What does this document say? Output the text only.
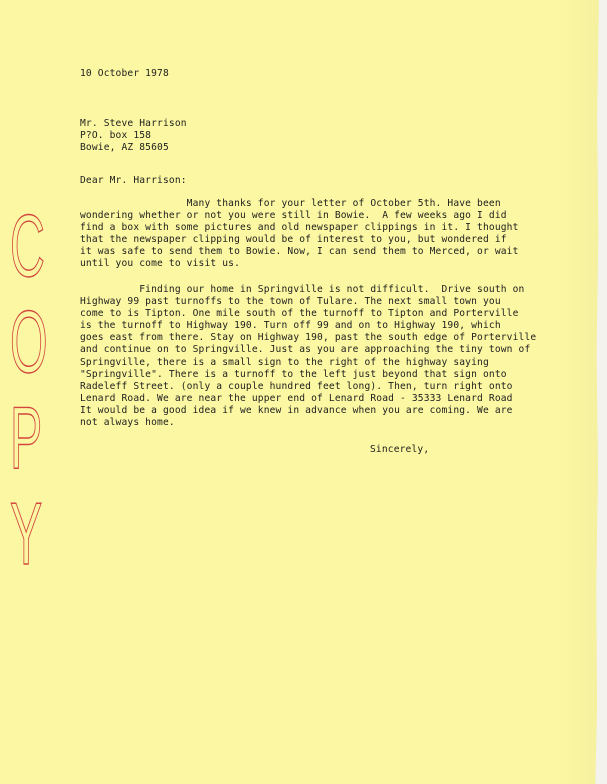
C
O
P
Y
10 October 1978
Mr. Steve Harrison
P?O. box 158
Bowie, AZ 85605
Dear Mr. Harrison:
Many thanks for your letter of October 5th. Have been
wondering whether or not you were still in Bowie.  A few weeks ago I did
find a box with some pictures and old newspaper clippings in it. I thought
that the newspaper clipping would be of interest to you, but wondered if
it was safe to send them to Bowie. Now, I can send them to Merced, or wait
until you come to visit us.
Finding our home in Springville is not difficult.  Drive south on
Highway 99 past turnoffs to the town of Tulare. The next small town you
come to is Tipton. One mile south of the turnoff to Tipton and Porterville
is the turnoff to Highway 190. Turn off 99 and on to Highway 190, which
goes east from there. Stay on Highway 190, past the south edge of Porterville
and continue on to Springville. Just as you are approaching the tiny town of
Springville, there is a small sign to the right of the highway saying
"Springville". There is a turnoff to the left just beyond that sign onto
Radeleff Street. (only a couple hundred feet long). Then, turn right onto
Lenard Road. We are near the upper end of Lenard Road - 35333 Lenard Road
It would be a good idea if we knew in advance when you are coming. We are
not always home.
Sincerely,
